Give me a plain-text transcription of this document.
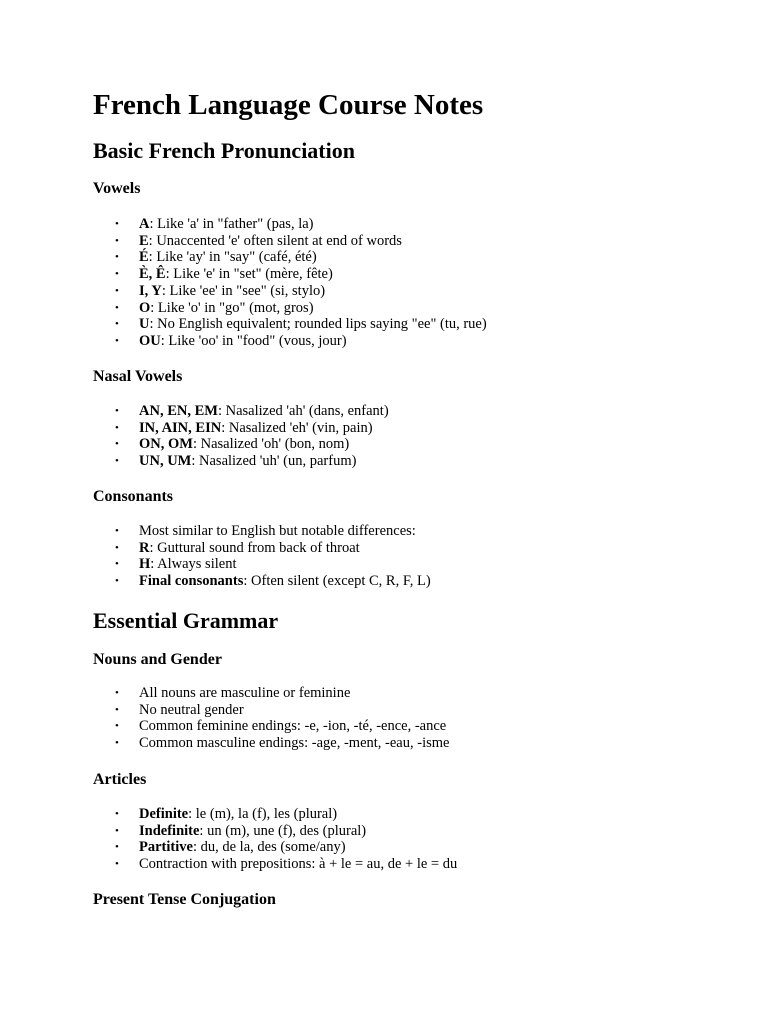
French Language Course Notes
Basic French Pronunciation
Vowels
•	A: Like 'a' in "father" (pas, la)
•	E: Unaccented 'e' often silent at end of words
•	É: Like 'ay' in "say" (café, été)
•	È, Ê: Like 'e' in "set" (mère, fête)
•	I, Y: Like 'ee' in "see" (si, stylo)
•	O: Like 'o' in "go" (mot, gros)
•	U: No English equivalent; rounded lips saying "ee" (tu, rue)
•	OU: Like 'oo' in "food" (vous, jour)
Nasal Vowels
•	AN, EN, EM: Nasalized 'ah' (dans, enfant)
•	IN, AIN, EIN: Nasalized 'eh' (vin, pain)
•	ON, OM: Nasalized 'oh' (bon, nom)
•	UN, UM: Nasalized 'uh' (un, parfum)
Consonants
•	Most similar to English but notable differences:
•	R: Guttural sound from back of throat
•	H: Always silent
•	Final consonants: Often silent (except C, R, F, L)
Essential Grammar
Nouns and Gender
•	All nouns are masculine or feminine
•	No neutral gender
•	Common feminine endings: -e, -ion, -té, -ence, -ance
•	Common masculine endings: -age, -ment, -eau, -isme
Articles
•	Definite: le (m), la (f), les (plural)
•	Indefinite: un (m), une (f), des (plural)
•	Partitive: du, de la, des (some/any)
•	Contraction with prepositions: à + le = au, de + le = du
Present Tense Conjugation
